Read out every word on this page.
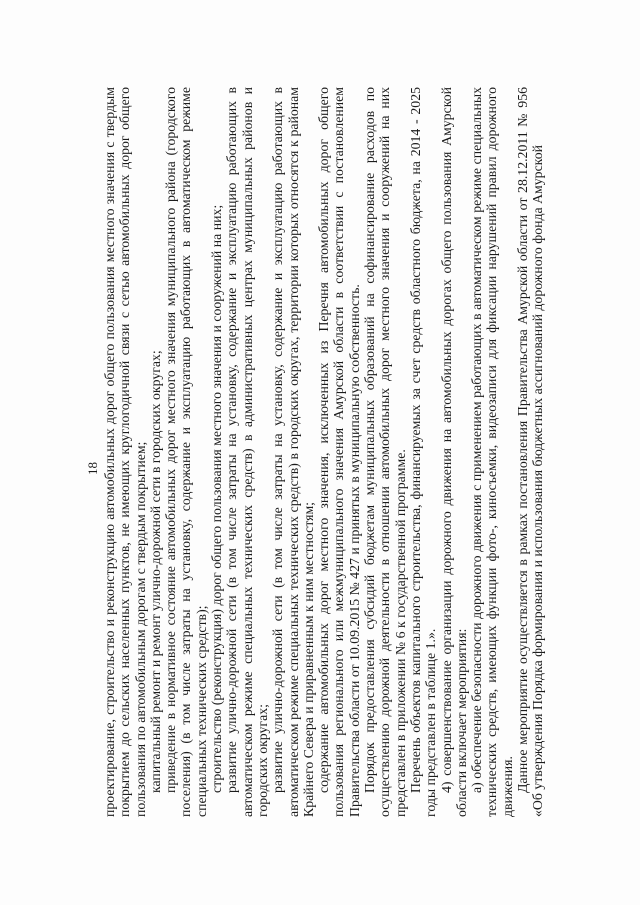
18 проектирование, строительство и реконструкцию автомобильных дорог общего пользования местного значения с твердым покрытием до сельских населенных пунктов, не имеющих круглогодичной связи с сетью автомобильных дорог общего пользования по автомобильным дорогам с твердым покрытием; капитальный ремонт и ремонт улично-дорожной сети в городских округах; приведение в нормативное состояние автомобильных дорог местного значения муниципального района (городского поселения) (в том числе затраты на установку, содержание и эксплуатацию работающих в автоматическом режиме специальных технических средств); строительство (реконструкция) дорог общего пользования местного значения и сооружений на них; развитие улично-дорожной сети (в том числе затраты на установку, содержание и эксплуатацию работающих в автоматическом режиме специальных технических средств) в административных центрах муниципальных районов и городских округах; развитие улично-дорожной сети (в том числе затраты на установку, содержание и эксплуатацию работающих в автоматическом режиме специальных технических средств) в городских округах, территории которых относятся к районам Крайнего Севера и приравненным к ним местностям; содержание автомобильных дорог местного значения, исключенных из Перечня автомобильных дорог общего пользования регионального или межмуниципального значения Амурской области в соответствии с постановлением Правительства области от 10.09.2015 № 427 и принятых в муниципальную собственность. Порядок предоставления субсидий бюджетам муниципальных образований на софинансирование расходов по осуществлению дорожной деятельности в отношении автомобильных дорог местного значения и сооружений на них представлен в приложении № 6 к государственной программе. Перечень объектов капитального строительства, финансируемых за счет средств областного бюджета, на 2014 - 2025 годы представлен в таблице 1.». 4) совершенствование организации дорожного движения на автомобильных дорогах общего пользования Амурской области включает мероприятия: а) обеспечение безопасности дорожного движения с применением работающих в автоматическом режиме специальных технических средств, имеющих функции фото-, киносъемки, видеозаписи для фиксации нарушений правил дорожного движения. Данное мероприятие осуществляется в рамках постановления Правительства Амурской области от 28.12.2011 № 956 «Об утверждения Порядка формирования и использования бюджетных ассигнований дорожного фонда Амурской
